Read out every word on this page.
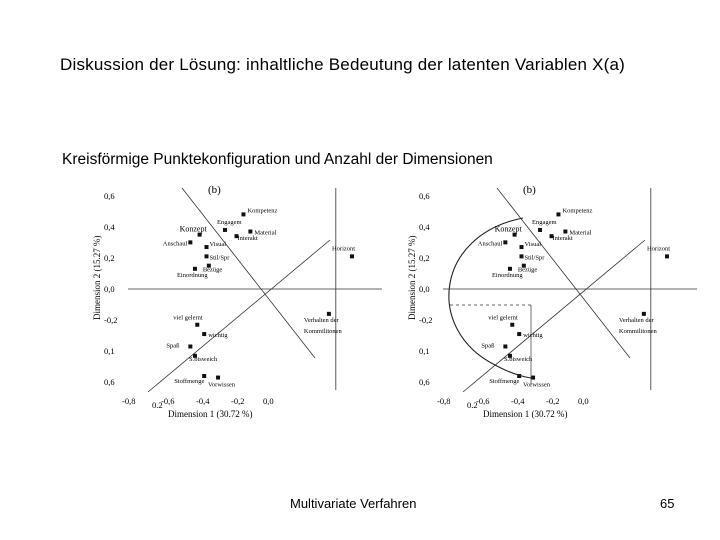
Diskussion der Lösung: inhaltliche Bedeutung der latenten Variablen X(a)
Kreisförmige Punktekonfiguration und Anzahl der Dimensionen
(b)
0,6
0,4
0,2
0,0
-0,2
0,1
0,6
-0,8 0.2
-0,6	-0,4	-0,2 0,0
Dimension 1 (30.72 %)
Dimension 2 (15.27 %)
Kompetenz
Engagem
Material
Interakt
Konzept
Anschaul	Visual
Stil/Spr
Bezüge
Einordnung
Horizont
Verhalten der
Kommilitonen
viel gelernt
wichtig
Spaß
S.bisweich
Stoffmenge
Vorwissen
(b)
0,6
0,4
0,2
0,0
-0,2
0,1
0,6
-0,8 0.2
-0,6	-0,4	-0,2 0,0
Dimension 1 (30.72 %)
Dimension 2 (15.27 %)
Kompetenz
Engagem
Material
Interakt
Konzept
Anschaul	Visual
Stil/Spr
Bezüge
Einordnung
Horizont
Verhalten der
Kommilitonen
viel gelernt
wichtig
Spaß
S.bisweich
Stoffmenge
Vorwissen
Multivariate Verfahren	65
